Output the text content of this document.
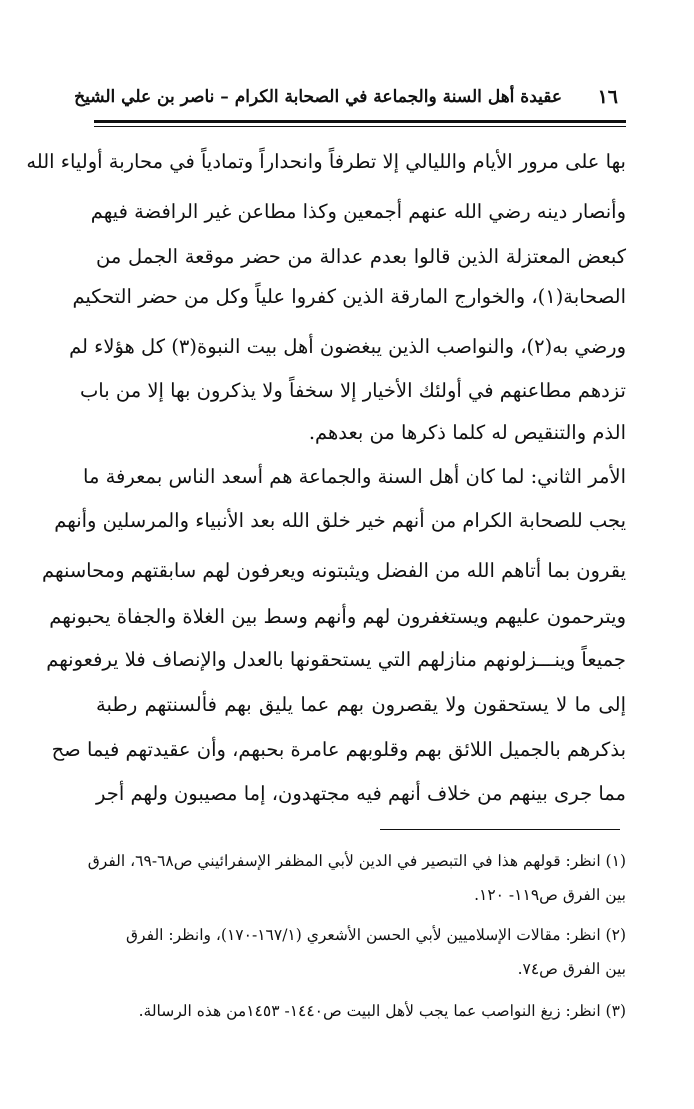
١٦
عقيدة أهل السنة والجماعة في الصحابة الكرام – ناصر بن علي الشيخ
بها على مرور الأيام والليالي إلا تطرفاً وانحداراً وتمادياً في محاربة أولياء الله
وأنصار دينه رضي الله عنهم أجمعين وكذا مطاعن غير الرافضة فيهم
كبعض المعتزلة الذين قالوا بعدم عدالة من حضر موقعة الجمل من
الصحابة(١)، والخوارج المارقة الذين كفروا علياً وكل من حضر التحكيم
ورضي به(٢)، والنواصب الذين يبغضون أهل بيت النبوة(٣) كل هؤلاء لم
تزدهم مطاعنهم في أولئك الأخيار إلا سخفاً ولا يذكرون بها إلا من باب
الذم والتنقيص له كلما ذكرها من بعدهم.
الأمر الثاني: لما كان أهل السنة والجماعة هم أسعد الناس بمعرفة ما
يجب للصحابة الكرام من أنهم خير خلق الله بعد الأنبياء والمرسلين وأنهم
يقرون بما أتاهم الله من الفضل ويثبتونه ويعرفون لهم سابقتهم ومحاسنهم
ويترحمون عليهم ويستغفرون لهم وأنهم وسط بين الغلاة والجفاة يحبونهم
جميعاً وينـــزلونهم منازلهم التي يستحقونها بالعدل والإنصاف فلا يرفعونهم
إلى ما لا يستحقون ولا يقصرون بهم عما يليق بهم فألسنتهم رطبة
بذكرهم بالجميل اللائق بهم وقلوبهم عامرة بحبهم، وأن عقيدتهم فيما صح
مما جرى بينهم من خلاف أنهم فيه مجتهدون، إما مصيبون ولهم أجر
(١) انظر: قولهم هذا في التبصير في الدين لأبي المظفر الإسفرائيني ص٦٨-٦٩، الفرق
بين الفرق ص١١٩- ١٢٠.
(٢) انظر: مقالات الإسلاميين لأبي الحسن الأشعري (١٦٧/١-١٧٠)، وانظر: الفرق
بين الفرق ص٧٤.
(٣) انظر: زيغ النواصب عما يجب لأهل البيت ص١٤٤٠- ١٤٥٣من هذه الرسالة.
